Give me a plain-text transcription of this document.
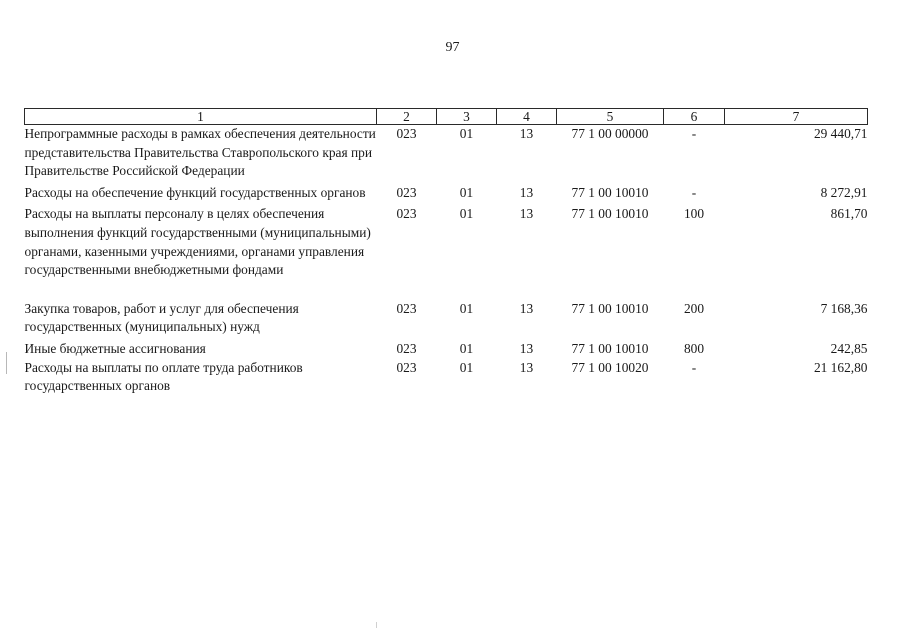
97
1	2	3	4	5	6	7
Непрограммные расходы в рамках обеспечения деятельности представительства Правительства Ставропольского края при Правительстве Российской Федерации	023	01	13	77 1 00 00000	-	29 440,71
Расходы на обеспечение функций государственных органов	023	01	13	77 1 00 10010	-	8 272,91
Расходы на выплаты персоналу в целях обеспечения выполнения функций государственными (муниципальными) органами, казенными учреждениями, органами управления государственными внебюджетными фондами	023	01	13	77 1 00 10010	100	861,70

Закупка товаров, работ и услуг для обеспечения государственных (муниципальных) нужд	023	01	13	77 1 00 10010	200	7 168,36
Иные бюджетные ассигнования	023	01	13	77 1 00 10010	800	242,85
Расходы на выплаты по оплате труда работников государственных органов	023	01	13	77 1 00 10020	-	21 162,80
